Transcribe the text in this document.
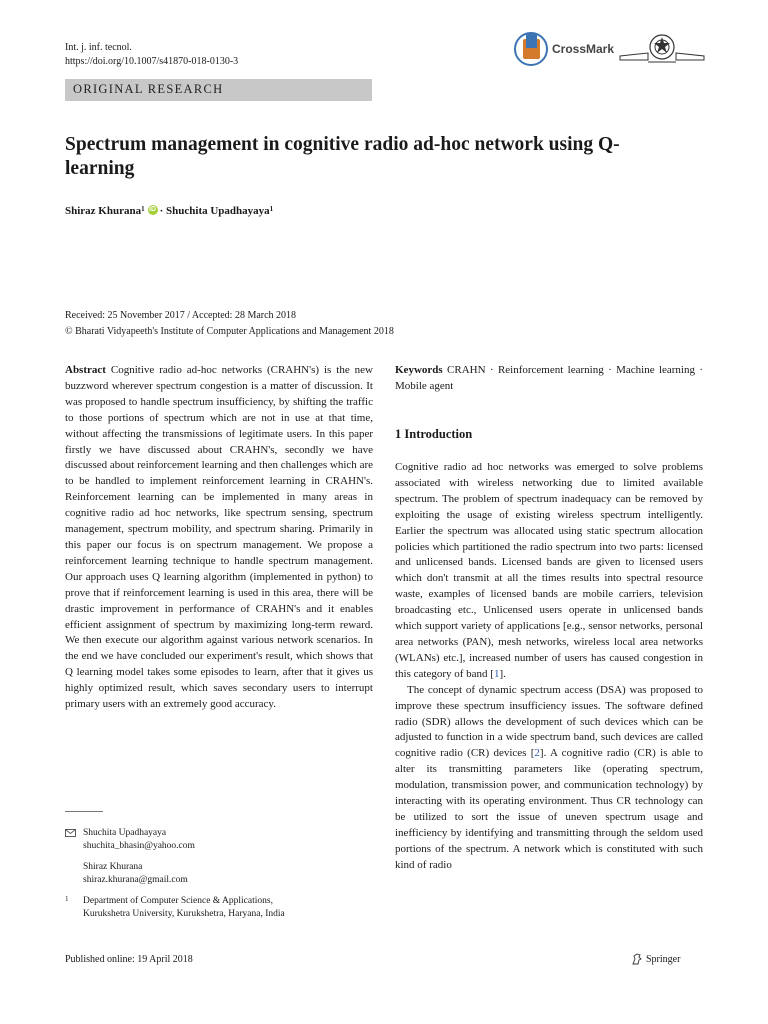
Int. j. inf. tecnol.
https://doi.org/10.1007/s41870-018-0130-3
ORIGINAL RESEARCH
CrossMark
Spectrum management in cognitive radio ad-hoc network using Q-learning
Shiraz Khurana 1 iD ·
Shuchita Upadhayaya 1
Received: 25 November 2017 / Accepted: 28 March 2018
© Bharati Vidyapeeth's Institute of Computer Applications and Management 2018
Abstract Cognitive radio ad-hoc networks (CRAHN's) is the new buzzword wherever spectrum congestion is a matter of discussion. It was proposed to handle spectrum insufficiency, by shifting the traffic to those portions of spectrum which are not in use at that time, without affecting the transmissions of legitimate users. In this paper firstly we have discussed about CRAHN's, secondly we have discussed about reinforcement learning and then challenges which are to be handled to implement reinforcement learning in CRAHN's. Reinforcement learning can be implemented in many areas in cognitive radio ad hoc networks, like spectrum sensing, spectrum management, spectrum mobility, and spectrum sharing. Primarily in this paper our focus is on spectrum management. We propose a reinforcement learning technique to handle spectrum management. Our approach uses Q learning algorithm (implemented in python) to prove that if reinforcement learning is used in this area, there will be drastic improvement in performance of CRAHN's and it enables efficient assignment of spectrum by maximizing long-term reward. We then execute our algorithm against various network scenarios. In the end we have concluded our experiment's result, which shows that Q learning model takes some episodes to learn, after that it gives us highly optimized result, which saves secondary users to interrupt primary users with an extremely good accuracy.
Shuchita Upadhayaya
shuchita_bhasin@yahoo.com
Shiraz Khurana
shiraz.khurana@gmail.com
1	Department of Computer Science & Applications,
Kurukshetra University, Kurukshetra, Haryana, India
Keywords CRAHN · Reinforcement learning · Machine learning · Mobile agent
1 Introduction

Cognitive radio ad hoc networks was emerged to solve problems associated with wireless networking due to limited available spectrum. The problem of spectrum inadequacy can be removed by exploiting the usage of existing wireless spectrum intelligently. Earlier the spectrum was allocated using static spectrum allocation policies which partitioned the radio spectrum into two parts: licensed and unlicensed bands. Licensed bands are given to licensed users which don't transmit at all the times results into spectral resource waste, examples of licensed bands are mobile carriers, television broadcasting etc., Unlicensed users operate in unlicensed bands which support variety of applications [e.g., sensor networks, personal area networks (PAN), mesh networks, wireless local area networks (WLANs) etc.], increased number of users has caused congestion in this category of band [1].

The concept of dynamic spectrum access (DSA) was proposed to improve these spectrum insufficiency issues. The software defined radio (SDR) allows the development of such devices which can be adjusted to function in a wide spectrum band, such devices are called cognitive radio (CR) devices [2]. A cognitive radio (CR) is able to alter its transmitting parameters like (operating spectrum, modulation, transmission power, and communication technology) by interacting with its operating environment. Thus CR technology can be utilized to sort the issue of uneven spectrum usage and inefficiency by identifying and transmitting through the seldom used portions of the spectrum. A network which is constituted with such kind of radio

Published online: 19 April 2018	Springer
